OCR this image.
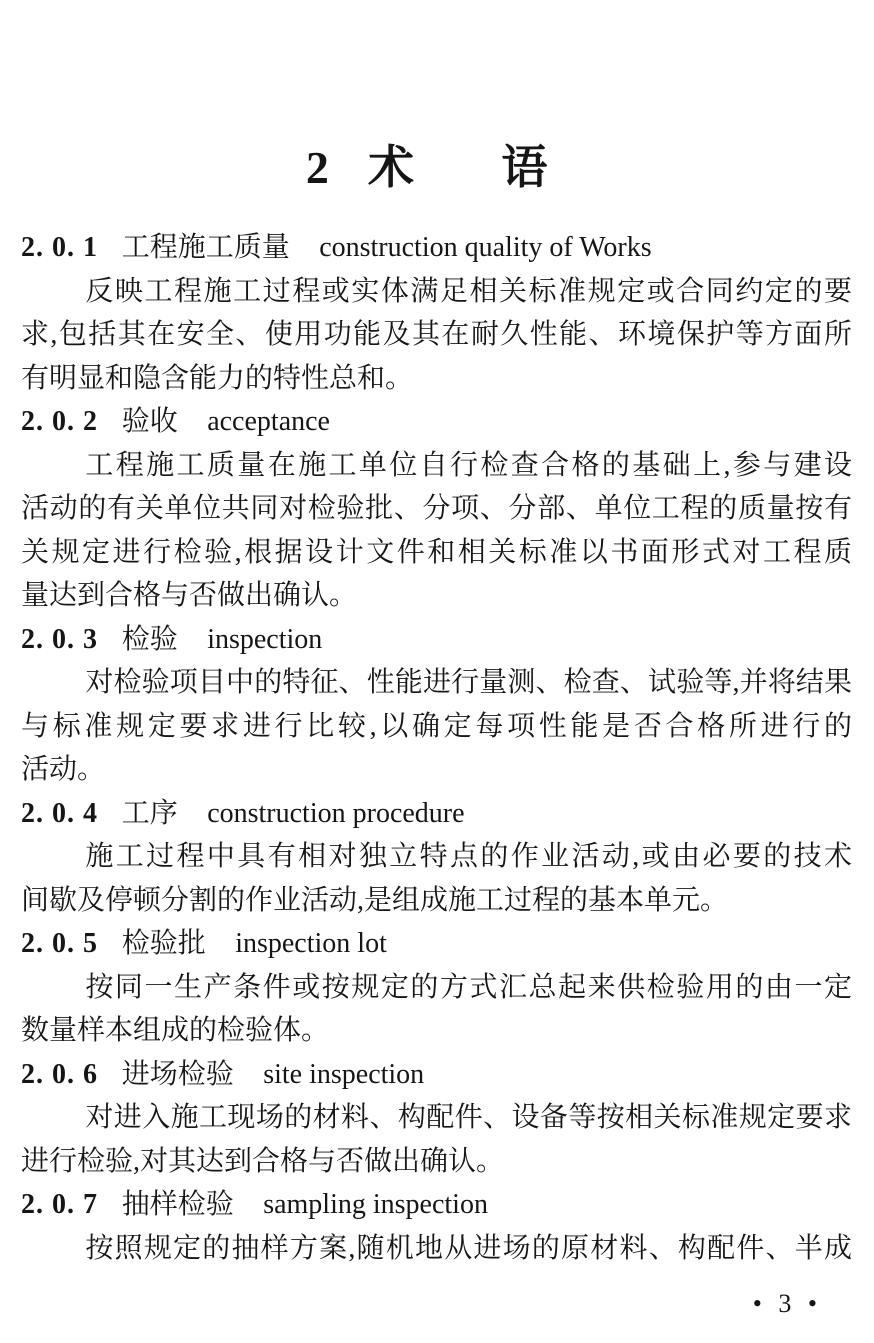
2 术　语
2. 0. 1 工程施工质量 construction quality of Works
反映工程施工过程或实体满足相关标准规定或合同约定的要
求,包括其在安全、使用功能及其在耐久性能、环境保护等方面所
有明显和隐含能力的特性总和。
2. 0. 2 验收 acceptance
工程施工质量在施工单位自行检查合格的基础上,参与建设
活动的有关单位共同对检验批、分项、分部、单位工程的质量按有
关规定进行检验,根据设计文件和相关标准以书面形式对工程质
量达到合格与否做出确认。
2. 0. 3 检验 inspection
对检验项目中的特征、性能进行量测、检查、试验等,并将结果
与标准规定要求进行比较,以确定每项性能是否合格所进行的
活动。
2. 0. 4 工序 construction procedure
施工过程中具有相对独立特点的作业活动,或由必要的技术
间歇及停顿分割的作业活动,是组成施工过程的基本单元。
2. 0. 5 检验批 inspection lot
按同一生产条件或按规定的方式汇总起来供检验用的由一定
数量样本组成的检验体。
2. 0. 6 进场检验 site inspection
对进入施工现场的材料、构配件、设备等按相关标准规定要求
进行检验,对其达到合格与否做出确认。
2. 0. 7 抽样检验 sampling inspection
按照规定的抽样方案,随机地从进场的原材料、构配件、半成
• 3 •
